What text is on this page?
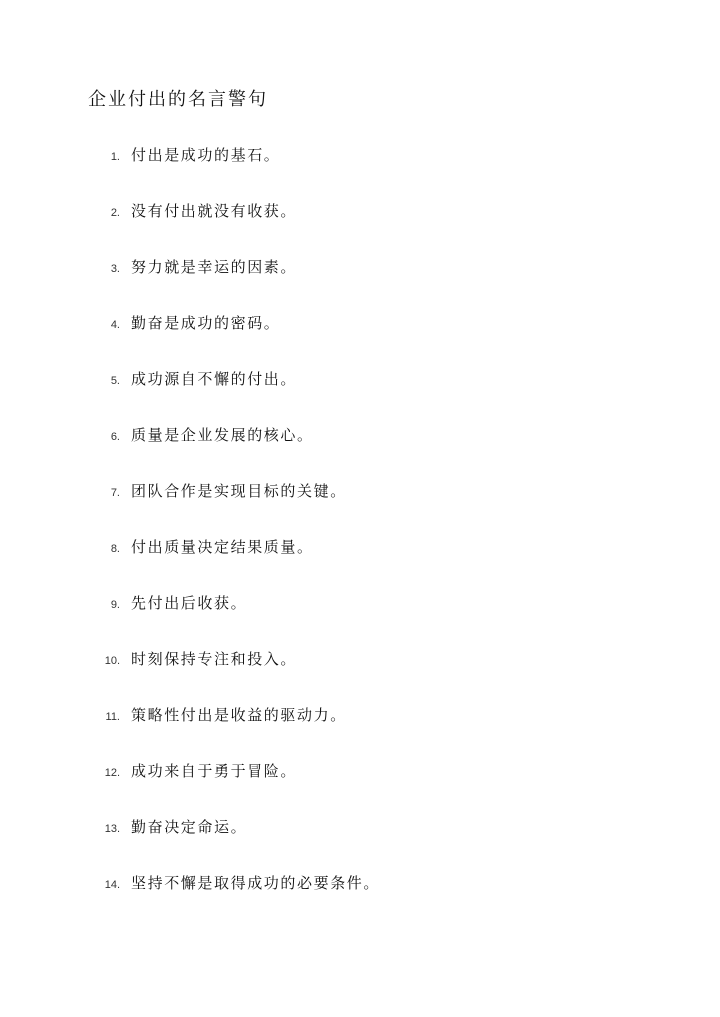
企业付出的名言警句
1. 付出是成功的基石。
2. 没有付出就没有收获。
3. 努力就是幸运的因素。
4. 勤奋是成功的密码。
5. 成功源自不懈的付出。
6. 质量是企业发展的核心。
7. 团队合作是实现目标的关键。
8. 付出质量决定结果质量。
9. 先付出后收获。
10. 时刻保持专注和投入。
11. 策略性付出是收益的驱动力。
12. 成功来自于勇于冒险。
13. 勤奋决定命运。
14. 坚持不懈是取得成功的必要条件。
